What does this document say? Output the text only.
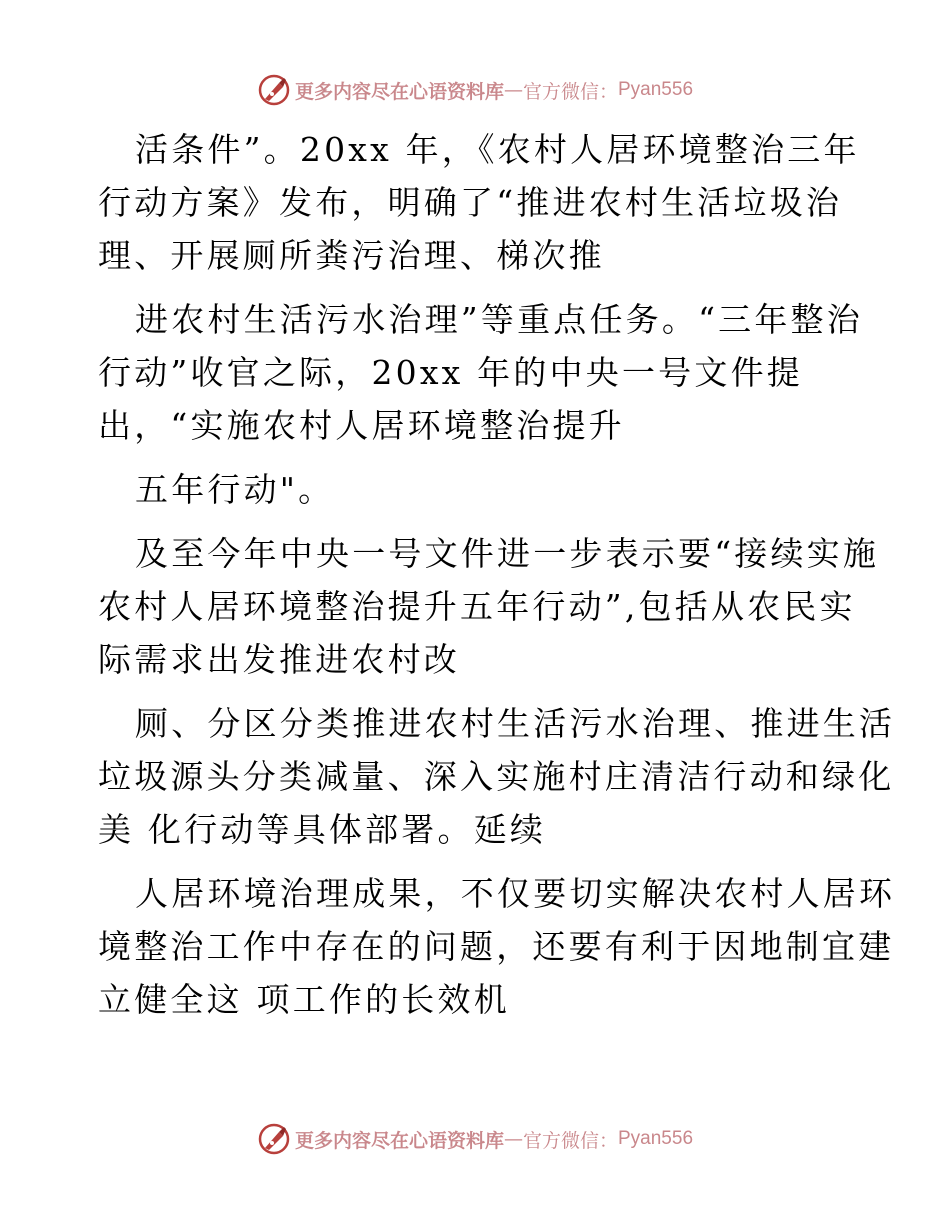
更多内容尽在心语资料库 — 官方微信： Pyan556
活条件”。20xx 年，《农村人居环境整治三年
行动方案》发布，明确了“推进农村生活垃圾治
理、开展厕所粪污治理、梯次推
进农村生活污水治理”等重点任务。“三年整治
行动”收官之际，20xx 年的中央一号文件提
出，“实施农村人居环境整治提升
五年行动"。
及至今年中央一号文件进一步表示要“接续实施
农村人居环境整治提升五年行动”,包括从农民实
际需求出发推进农村改
厕、分区分类推进农村生活污水治理、推进生活
垃圾源头分类减量、深入实施村庄清洁行动和绿化
美 化行动等具体部署。延续
人居环境治理成果，不仅要切实解决农村人居环
境整治工作中存在的问题，还要有利于因地制宜建
立健全这 项工作的长效机
更多内容尽在心语资料库 — 官方微信： Pyan556
